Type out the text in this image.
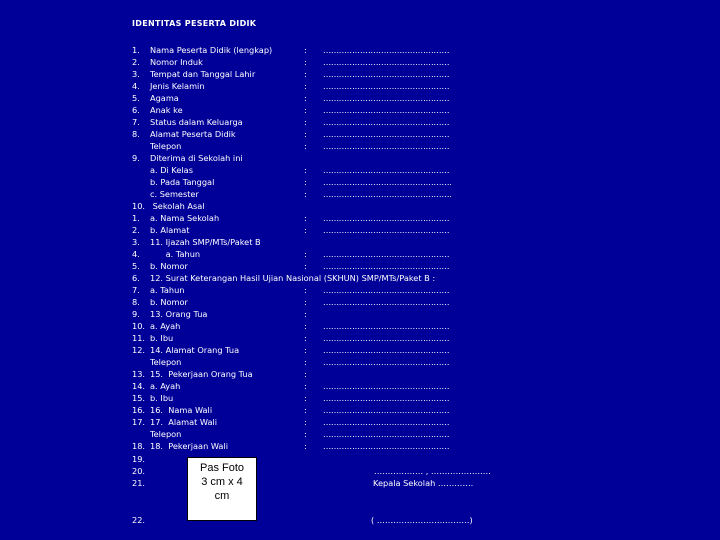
IDENTITAS PESERTA DIDIK
1. Nama Peserta Didik (lengkap)	: …………………………………………
2. Nomor Induk	: …………………………………………
3. Tempat dan Tanggal Lahir	: …………………………………………
4. Jenis Kelamin	: …………………………………………
5. Agama	: …………………………………………
6. Anak ke	: …………………………………………
7. Status dalam Keluarga	: …………………………………………
8. Alamat Peserta Didik	: …………………………………………
Telepon	: …………………………………………
9. Diterima di Sekolah ini
a. Di Kelas	: …………………………………………
b. Pada Tanggal	: ………………………………………….
c. Semester	: ………………………………………….
10. Sekolah Asal
1. a. Nama Sekolah	: …………………………………………
2. b. Alamat	: …………………………………………
3. 11. Ijazah SMP/MTs/Paket B
4. a. Tahun	: …………………………………………
5. b. Nomor	: …………………………………………
6. 12. Surat Keterangan Hasil Ujian Nasional (SKHUN) SMP/MTs/Paket B :
7. a. Tahun	: …………………………………………
8. b. Nomor	: …………………………………………
9. 13. Orang Tua	:
10. a. Ayah	: …………………………………………
11. b. Ibu	: …………………………………………
12. 14. Alamat Orang Tua	: …………………………………………
Telepon	: …………………………………………
13. 15.  Pekerjaan Orang Tua	:
14. a. Ayah	: …………………………………………
15. b. Ibu	: …………………………………………
16. 16.  Nama Wali	: …………………………………………
17. 17.  Alamat Wali	: …………………………………………
Telepon	: …………………………………………
18. 18.  Pekerjaan Wali	: …………………………………………
19.
20.
21.
22.
Pas Foto
3 cm x 4
cm
……………… , ………………….
Kepala Sekolah ………….
( …………………………….)
